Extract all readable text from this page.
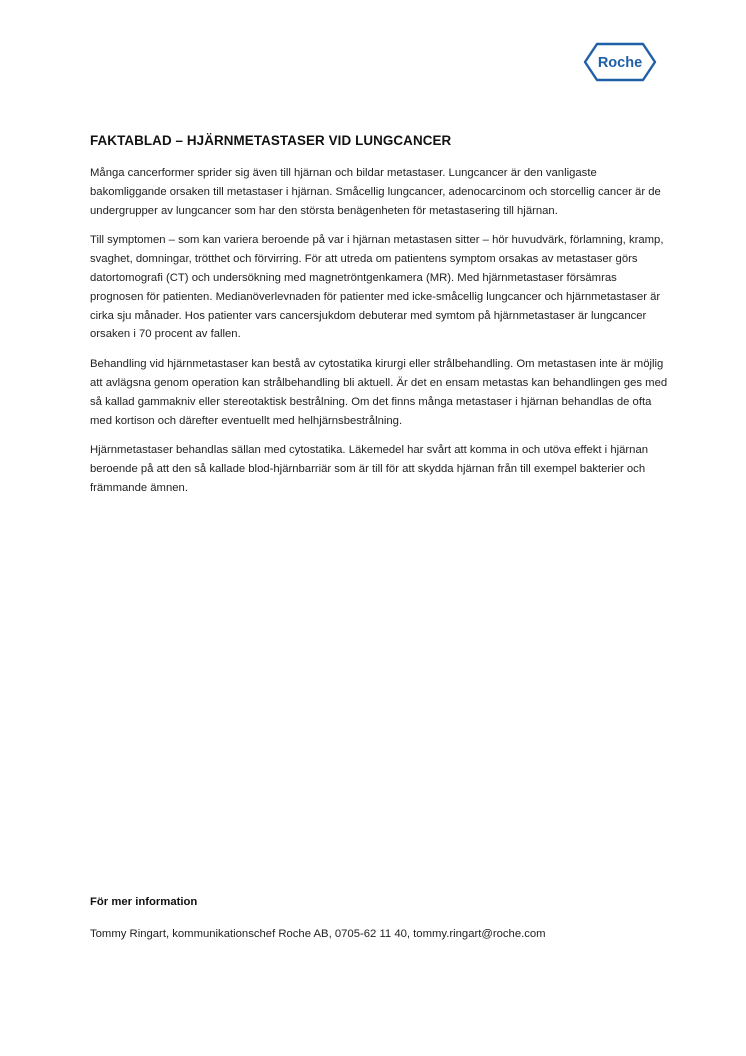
Roche
FAKTABLAD – HJÄRNMETASTASER VID LUNGCANCER

Många cancerformer sprider sig även till hjärnan och bildar metastaser. Lungcancer är den vanligaste bakomliggande orsaken till metastaser i hjärnan. Småcellig lungcancer, adenocarcinom och storcellig cancer är de undergrupper av lungcancer som har den största benägenheten för metastasering till hjärnan.

Till symptomen – som kan variera beroende på var i hjärnan metastasen sitter – hör huvudvärk, förlamning, kramp, svaghet, domningar, trötthet och förvirring. För att utreda om patientens symptom orsakas av metastaser görs datortomografi (CT) och undersökning med magnetröntgenkamera (MR). Med hjärnmetastaser försämras prognosen för patienten. Medianöverlevnaden för patienter med icke-småcellig lungcancer och hjärnmetastaser är cirka sju månader. Hos patienter vars cancersjukdom debuterar med symtom på hjärnmetastaser är lungcancer orsaken i 70 procent av fallen.

Behandling vid hjärnmetastaser kan bestå av cytostatika kirurgi eller strålbehandling. Om metastasen inte är möjlig att avlägsna genom operation kan strålbehandling bli aktuell. Är det en ensam metastas kan behandlingen ges med så kallad gammakniv eller stereotaktisk bestrålning. Om det finns många metastaser i hjärnan behandlas de ofta med kortison och därefter eventuellt med helhjärnsbestrålning.

Hjärnmetastaser behandlas sällan med cytostatika. Läkemedel har svårt att komma in och utöva effekt i hjärnan beroende på att den så kallade blod-hjärnbarriär som är till för att skydda hjärnan från till exempel bakterier och främmande ämnen.

För mer information

Tommy Ringart, kommunikationschef Roche AB, 0705-62 11 40, tommy.ringart@roche.com
